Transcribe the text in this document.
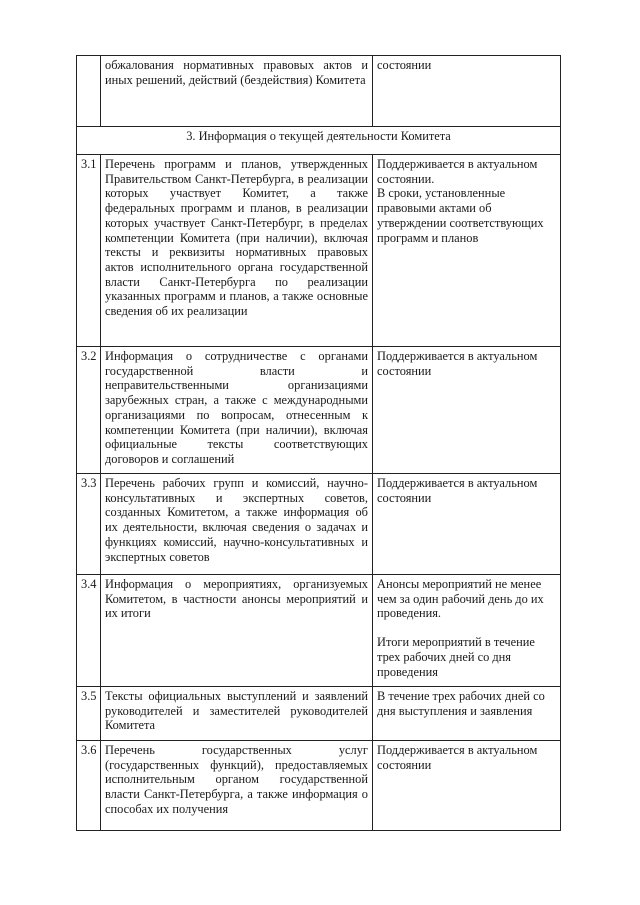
	обжалования нормативных правовых актов и иных решений, действий (бездействия) Комитета	состоянии
3. Информация о текущей деятельности Комитета		
3.1	Перечень программ и планов, утвержденных Правительством Санкт-Петербурга, в реализации которых участвует Комитет, а также федеральных программ и планов, в реализации которых участвует Санкт-Петербург, в пределах компетенции Комитета (при наличии), включая тексты и реквизиты нормативных правовых актов исполнительного органа государственной власти Санкт-Петербурга по реализации указанных программ и планов, а также основные сведения об их реализации	Поддерживается в актуальном состоянии.
В сроки, установленные правовыми актами об утверждении соответствующих программ и планов
3.2	Информация о сотрудничестве с органами государственной власти и неправительственными организациями зарубежных стран, а также с международными организациями по вопросам, отнесенным к компетенции Комитета (при наличии), включая официальные тексты соответствующих договоров и соглашений	Поддерживается в актуальном состоянии
3.3	Перечень рабочих групп и комиссий, научно-консультативных и экспертных советов, созданных Комитетом, а также информация об их деятельности, включая сведения о задачах и функциях комиссий, научно-консультативных и экспертных советов	Поддерживается в актуальном состоянии
3.4	Информация о мероприятиях, организуемых Комитетом, в частности анонсы мероприятий и их итоги	Анонсы мероприятий не менее чем за один рабочий день до их проведения.
Итоги мероприятий в течение трех рабочих дней со дня проведения
3.5	Тексты официальных выступлений и заявлений руководителей и заместителей руководителей Комитета	В течение трех рабочих дней со дня выступления и заявления
3.6	Перечень государственных услуг (государственных функций), предоставляемых исполнительным органом государственной власти Санкт-Петербурга, а также информация о способах их получения	Поддерживается в актуальном состоянии
